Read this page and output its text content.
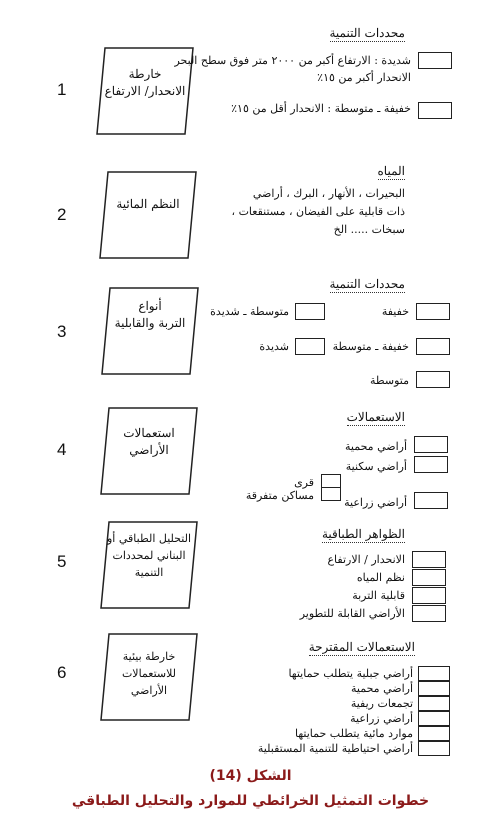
1
خارطة
الانحدار/ الارتفاع
محددات التنمية
شديدة : الارتفاع أكبر من ٢٠٠٠ متر فوق سطح البحر
الانحدار أكبر من ١٥٪
خفيفة ـ متوسطة : الانحدار أقل من ١٥٪
2
النظم المائية
المياه
البحيرات ، الأنهار ، البرك ، أراضي
ذات قابلية على الفيضان ، مستنقعات ،
سبخات ..... الخ
3
أنواع
التربة والقابلية
محددات التنمية
خفيفة
خفيفة ـ متوسطة
متوسطة
متوسطة ـ شديدة
شديدة
4
استعمالات الأراضي
الاستعمالات
أراضي محمية
أراضي سكنية
قرى
مساكن متفرقة
أراضي زراعية
5
التحليل الطباقي أو
البناني لمحددات التنمية
الظواهر الطباقية
الانحدار / الارتفاع
نظم المياه
قابلية التربة
الأراضي القابلة للتطوير
6
خارطة بيئية
للاستعمالات الأراضي
الاستعمالات المقترحة
أراضي جبلية يتطلب حمايتها
أراضي محمية
تجمعات ريفية
أراضي زراعية
موارد مائية يتطلب حمايتها
أراضي احتياطية للتنمية المستقبلية
الشكل (14)
خطوات التمثيل الخرائطي للموارد والتحليل الطباقي
